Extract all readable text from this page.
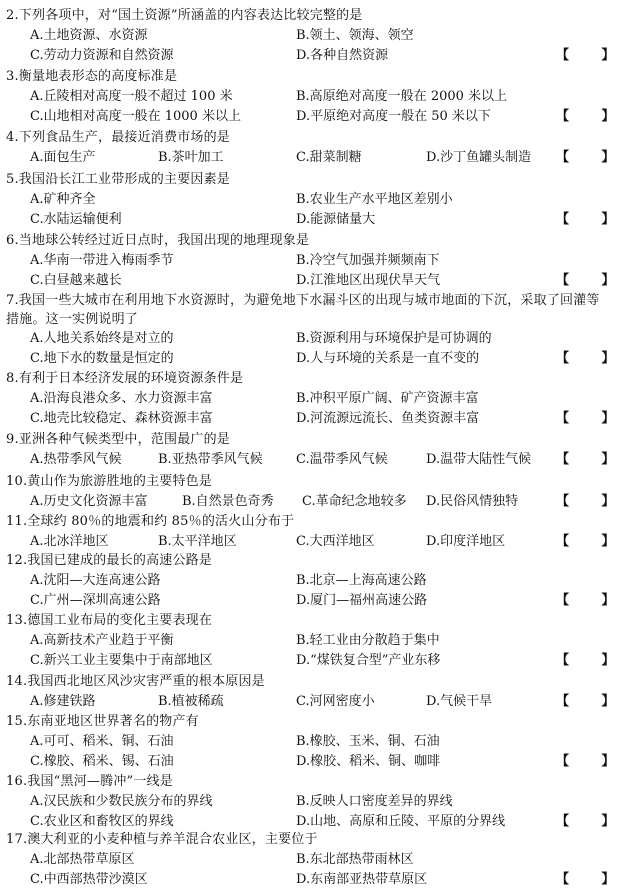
2.下列各项中，对“国土资源”所涵盖的内容表达比较完整的是
A.土地资源、水资源	B.领土、领海、领空
C.劳动力资源和自然资源	D.各种自然资源	【 】
3.衡量地表形态的高度标准是
A.丘陵相对高度一般不超过 100 米	B.高原绝对高度一般在 2000 米以上
C.山地相对高度一般在 1000 米以上	D.平原绝对高度一般在 50 米以下	【 】
4.下列食品生产，最接近消费市场的是
A.面包生产	B.茶叶加工	C.甜菜制糖	D.沙丁鱼罐头制造 【 】
5.我国沿长江工业带形成的主要因素是
A.矿种齐全	B.农业生产水平地区差别小
C.水陆运输便利	D.能源储量大	【 】
6.当地球公转经过近日点时，我国出现的地理现象是
A.华南一带进入梅雨季节	B.冷空气加强并频频南下
C.白昼越来越长	D.江淮地区出现伏旱天气	【 】
7.我国一些大城市在利用地下水资源时，为避免地下水漏斗区的出现与城市地面的下沉，采取了回灌等措施。这一实例说明了
A.人地关系始终是对立的	B.资源利用与环境保护是可协调的
C.地下水的数量是恒定的	D.人与环境的关系是一直不变的	【 】
8.有利于日本经济发展的环境资源条件是
A.沿海良港众多、水力资源丰富	B.冲积平原广阔、矿产资源丰富
C.地壳比较稳定、森林资源丰富	D.河流源远流长、鱼类资源丰富	【 】
9.亚洲各种气候类型中，范围最广的是
A.热带季风气候	B.亚热带季风气候	C.温带季风气候	D.温带大陆性气候 【 】
10.黄山作为旅游胜地的主要特色是
A.历史文化资源丰富	B.自然景色奇秀 C.革命纪念地较多 D.民俗风情独特	【 】
11.全球约 80％的地震和约 85％的活火山分布于
A.北冰洋地区	B.太平洋地区	C.大西洋地区	D.印度洋地区	【 】
12.我国已建成的最长的高速公路是
A.沈阳—大连高速公路	B.北京—上海高速公路
C.广州—深圳高速公路	D.厦门—福州高速公路	【 】
13.德国工业布局的变化主要表现在
A.高新技术产业趋于平衡	B.轻工业由分散趋于集中
C.新兴工业主要集中于南部地区	D.“煤铁复合型”产业东移	【 】
14.我国西北地区风沙灾害严重的根本原因是
A.修建铁路	B.植被稀疏	C.河网密度小	D.气候干旱	【 】
15.东南亚地区世界著名的物产有
A.可可、稻米、铜、石油	B.橡胶、玉米、铜、石油
C.橡胶、稻米、锡、石油	D.橡胶、稻米、铜、咖啡	【 】
16.我国“黑河—腾冲”一线是
A.汉民族和少数民族分布的界线	B.反映人口密度差异的界线
C.农业区和畜牧区的界线	D.山地、高原和丘陵、平原的分界线	【 】
17.澳大利亚的小麦种植与养羊混合农业区，主要位于
A.北部热带草原区	B.东北部热带雨林区
C.中西部热带沙漠区	D.东南部亚热带草原区	【 】
